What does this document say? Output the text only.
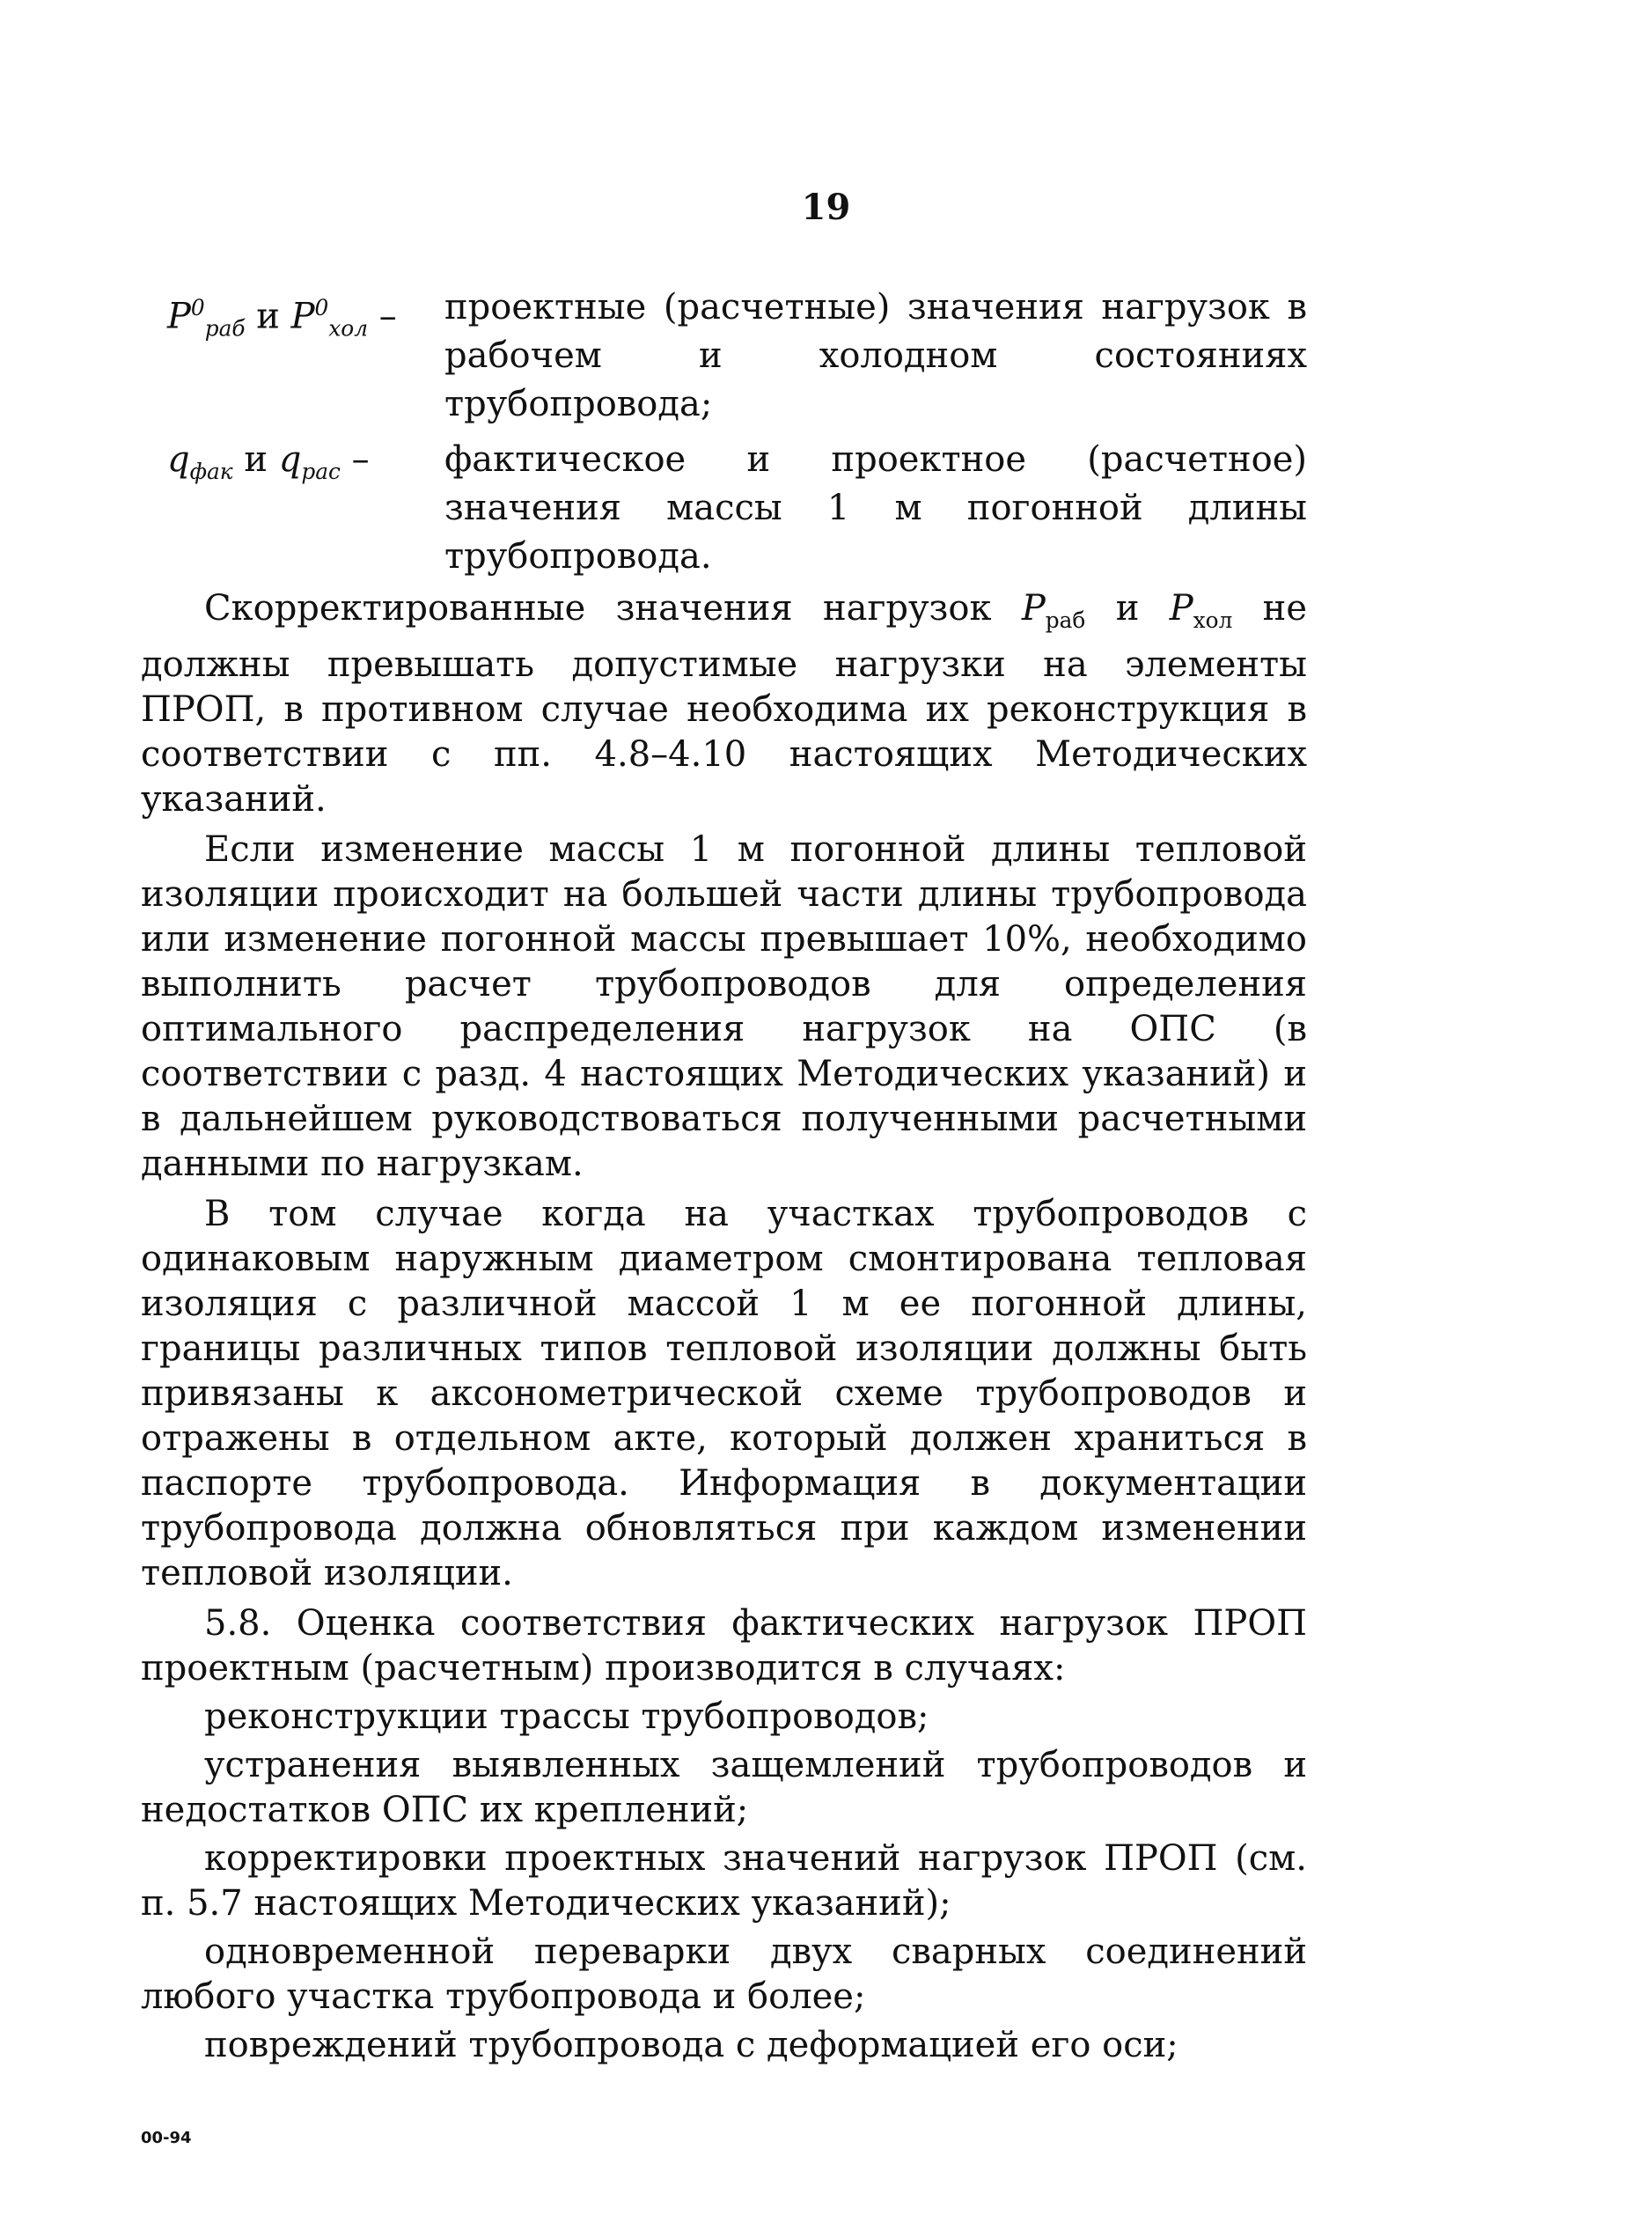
19
$P^0_{раб}$ и $P^0_{хол}$ –	проектные (расчетные) значения нагрузок в рабочем и холодном состояниях трубопровода;
$q_{фак}$ и $q_{рас}$ –	фактическое и проектное (расчетное) значения массы 1 м погонной длины трубопровода.

Скорректированные значения нагрузок $P_{раб}$ и $P_{хол}$ не должны превышать допустимые нагрузки на элементы ПРОП, в противном случае необходима их реконструкция в соответствии с пп. 4.8–4.10 настоящих Методических указаний.

Если изменение массы 1 м погонной длины тепловой изоляции происходит на большей части длины трубопровода или изменение погонной массы превышает 10%, необходимо выполнить расчет трубопроводов для определения оптимального распределения нагрузок на ОПС (в соответствии с разд. 4 настоящих Методических указаний) и в дальнейшем руководствоваться полученными расчетными данными по нагрузкам.

В том случае когда на участках трубопроводов с одинаковым наружным диаметром смонтирована тепловая изоляция с различной массой 1 м ее погонной длины, границы различных типов тепловой изоляции должны быть привязаны к аксонометрической схеме трубопроводов и отражены в отдельном акте, который должен храниться в паспорте трубопровода. Информация в документации трубопровода должна обновляться при каждом изменении тепловой изоляции.

5.8. Оценка соответствия фактических нагрузок ПРОП проектным (расчетным) производится в случаях:

реконструкции трассы трубопроводов;

устранения выявленных защемлений трубопроводов и недостатков ОПС их креплений;

корректировки проектных значений нагрузок ПРОП (см. п. 5.7 настоящих Методических указаний);

одновременной переварки двух сварных соединений любого участка трубопровода и более;

повреждений трубопровода с деформацией его оси;

00-94
